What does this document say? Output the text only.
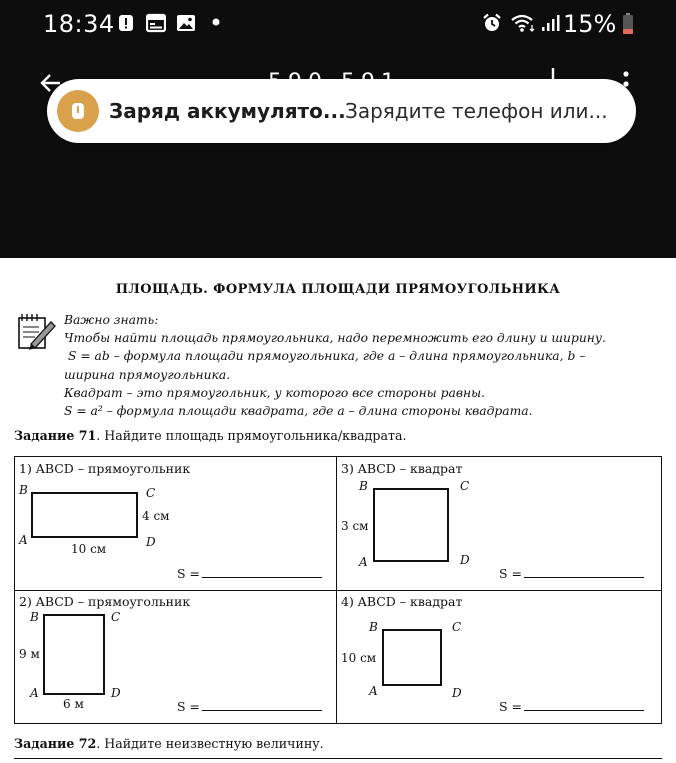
18:34	15%
Заряд аккумулято... Зарядите телефон или...
ПЛОЩАДЬ. ФОРМУЛА ПЛОЩАДИ ПРЯМОУГОЛЬНИКА
Важно знать:
Чтобы найти площадь прямоугольника, надо перемножить его длину и ширину.
S = ab – формула площади прямоугольника, где a – длина прямоугольника, b –
ширина прямоугольника.
Квадрат – это прямоугольник, у которого все стороны равны.
S = a² – формула площади квадрата, где a – длина стороны квадрата.
Задание 71. Найдите площадь прямоугольника/квадрата.
1) ABCD – прямоугольник
B	C
A	D
4 см
10 см
S =
3) ABCD – квадрат
B	C
A	D
3 см
S =
2) ABCD – прямоугольник
B	C
A	D
9 м
6 м	S =
4) ABCD – квадрат
B	C
A	D
10 см
S =
Задание 72. Найдите неизвестную величину.
